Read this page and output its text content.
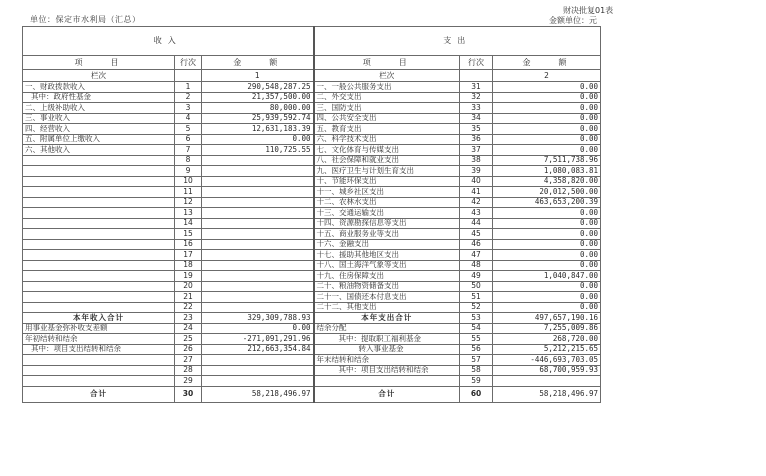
单位：保定市水利局（汇总）
财决批复01表
金额单位：元
收入			支出		
项　　目	行次	金　　额	项　　目	行次	金　　额
栏次		1	栏次		2
一、财政拨款收入	1	290,548,287.25	一、一般公共服务支出	31	0.00
其中：政府性基金	2	21,357,500.00	二、外交支出	32	0.00
二、上级补助收入	3	80,000.00	三、国防支出	33	0.00
三、事业收入	4	25,939,592.74	四、公共安全支出	34	0.00
四、经营收入	5	12,631,183.39	五、教育支出	35	0.00
五、附属单位上缴收入	6	0.00	六、科学技术支出	36	0.00
六、其他收入	7	110,725.55	七、文化体育与传媒支出	37	0.00
	8		八、社会保障和就业支出	38	7,511,738.96
	9		九、医疗卫生与计划生育支出	39	1,080,083.81
	10		十、节能环保支出	40	4,358,820.00
	11		十一、城乡社区支出	41	20,012,500.00
	12		十二、农林水支出	42	463,653,200.39
	13		十三、交通运输支出	43	0.00
	14		十四、资源勘探信息等支出	44	0.00
	15		十五、商业服务业等支出	45	0.00
	16		十六、金融支出	46	0.00
	17		十七、援助其他地区支出	47	0.00
	18		十八、国土海洋气象等支出	48	0.00
	19		十九、住房保障支出	49	1,040,847.00
	20		二十、粮油物资储备支出	50	0.00
	21		二十一、国债还本付息支出	51	0.00
	22		二十二、其他支出	52	0.00
本年收入合计	23	329,309,788.93	本年支出合计	53	497,657,190.16
用事业基金弥补收支差额	24	0.00	结余分配	54	7,255,009.86
年初结转和结余	25	-271,091,291.96	其中：提取职工福利基金	55	268,720.00
其中：项目支出结转和结余	26	212,663,354.84	转入事业基金	56	5,212,215.65
	27		年末结转和结余	57	-446,693,703.05
	28		其中：项目支出结转和结余	58	68,700,959.93
	29			59	
合计	30	58,218,496.97	合计	60	58,218,496.97
